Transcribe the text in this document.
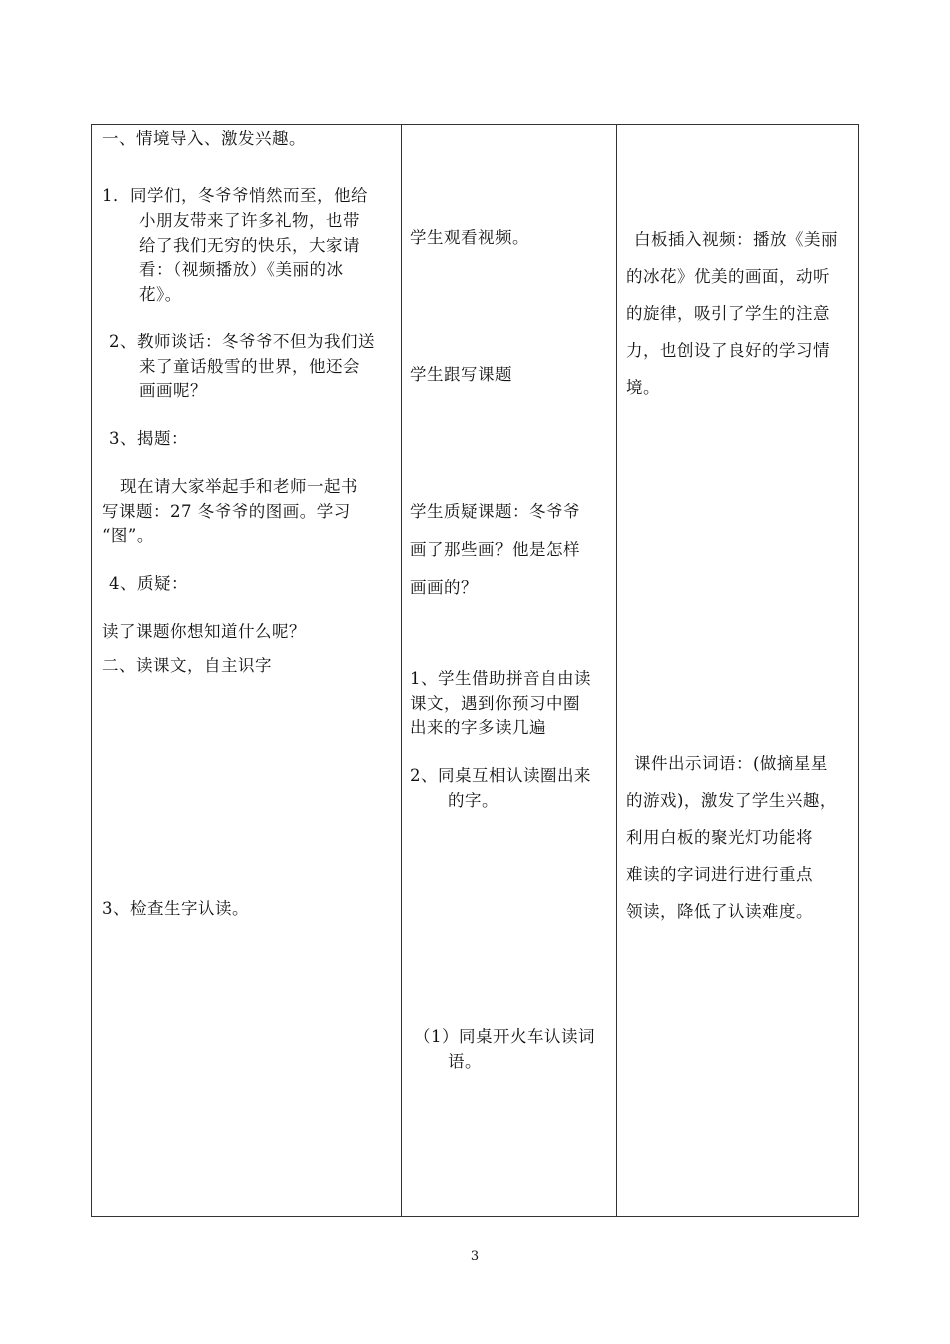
一、情境导入、激发兴趣。
1．同学们，冬爷爷悄然而至，他给
小朋友带来了许多礼物，也带
给了我们无穷的快乐，大家请
看：（视频播放）《美丽的冰
花》。
2、教师谈话：冬爷爷不但为我们送
来了童话般雪的世界，他还会
画画呢？
3、揭题：
现在请大家举起手和老师一起书
写课题：27 冬爷爷的图画。学习
“图”。
4、质疑：
读了课题你想知道什么呢？
二、读课文，自主识字
3、检查生字认读。
学生观看视频。
学生跟写课题
学生质疑课题：冬爷爷
画了那些画？他是怎样
画画的？
1、学生借助拼音自由读
课文，遇到你预习中圈
出来的字多读几遍
2、同桌互相认读圈出来
的字。
（1）同桌开火车认读词
语。
白板插入视频：播放《美丽
的冰花》优美的画面，动听
的旋律，吸引了学生的注意
力，也创设了良好的学习情
境。
课件出示词语：(做摘星星
的游戏)，激发了学生兴趣，
利用白板的聚光灯功能将
难读的字词进行进行重点
领读，降低了认读难度。
3
